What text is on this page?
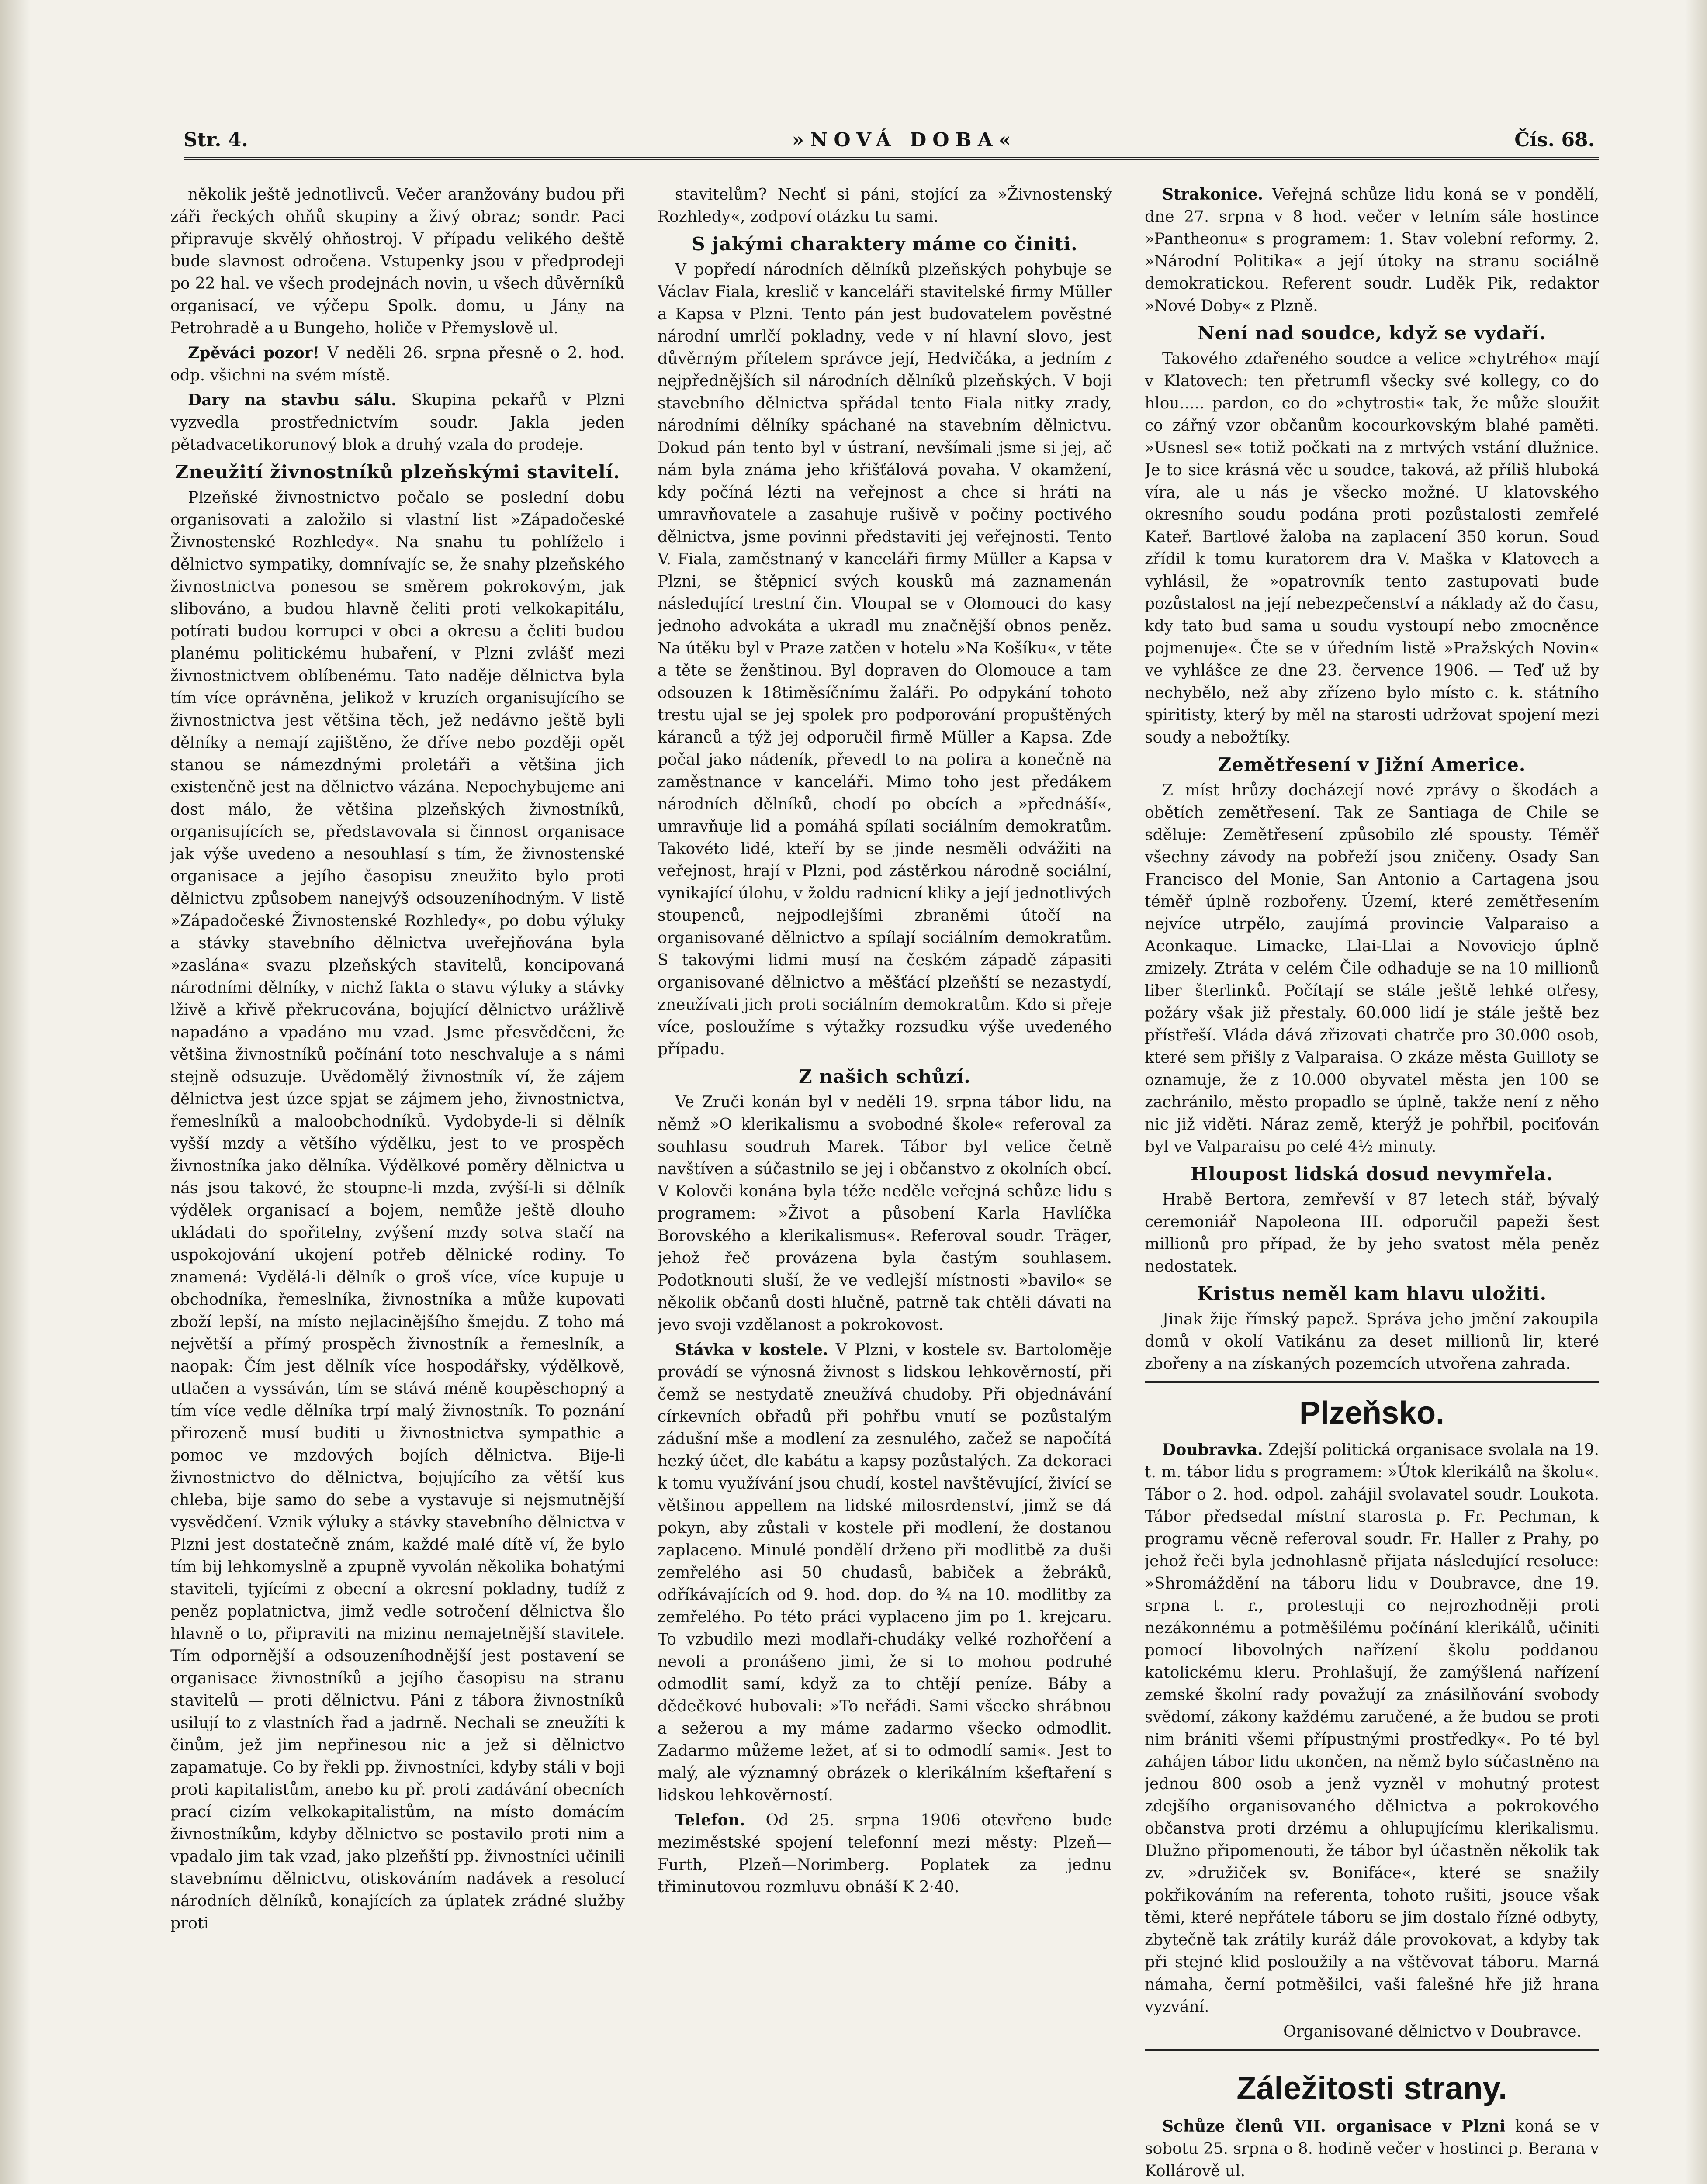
Str. 4.	»NOVÁ DOBA«	Čís. 68.

několik ještě jednotlivců. Večer aranžovány budou při záři řeckých ohňů skupiny a živý obraz; sondr. Paci připravuje skvělý ohňostroj. V případu velikého deště bude slavnost odročena. Vstupenky jsou v předprodeji po 22 hal. ve všech prodejnách novin, u všech důvěrníků organisací, ve výčepu Spolk. domu, u Jány na Petrohradě a u Bungeho, holiče v Přemyslově ul.

Zpěváci pozor! V neděli 26. srpna přesně o 2. hod. odp. všichni na svém místě.

Dary na stavbu sálu. Skupina pekařů v Plzni vyzvedla prostřednictvím soudr. Jakla jeden pětadvacetikorunový blok a druhý vzala do prodeje.

Zneužití živnostníků plzeňskými stavitelí.

Plzeňské živnostnictvo počalo se poslední dobu organisovati a založilo si vlastní list »Západočeské Živnostenské Rozhledy«. Na snahu tu pohlíželo i dělnictvo sympatiky, domnívajíc se, že snahy plzeňského živnostnictva ponesou se směrem pokrokovým, jak slibováno, a budou hlavně čeliti proti velkokapitálu, potírati budou korrupci v obci a okresu a čeliti budou planému politickému hubaření, v Plzni zvlášť mezi živnostnictvem oblíbenému. Tato naděje dělnictva byla tím více oprávněna, jelikož v kruzích organisujícího se živnostnictva jest většina těch, jež nedávno ještě byli dělníky a nemají zajištěno, že dříve nebo později opět stanou se námezdnými proletáři a většina jich existenčně jest na dělnictvo vázána. Nepochybujeme ani dost málo, že většina plzeňských živnostníků, organisujících se, představovala si činnost organisace jak výše uvedeno a nesouhlasí s tím, že živnostenské organisace a jejího časopisu zneužito bylo proti dělnictvu způsobem nanejvýš odsouzeníhodným. V listě »Západočeské Živnostenské Rozhledy«, po dobu výluky a stávky stavebního dělnictva uveřejňována byla »zaslána« svazu plzeňských stavitelů, koncipovaná národními dělníky, v nichž fakta o stavu výluky a stávky lživě a křivě překrucována, bojující dělnictvo urážlivě napadáno a vpadáno mu vzad. Jsme přesvědčeni, že většina živnostníků počínání toto neschvaluje a s námi stejně odsuzuje. Uvědomělý živnostník ví, že zájem dělnictva jest úzce spjat se zájmem jeho, živnostnictva, řemeslníků a maloobchodníků. Vydobyde-li si dělník vyšší mzdy a většího výdělku, jest to ve prospěch živnostníka jako dělníka. Výdělkové poměry dělnictva u nás jsou takové, že stoupne-li mzda, zvýší-li si dělník výdělek organisací a bojem, nemůže ještě dlouho ukládati do spořitelny, zvýšení mzdy sotva stačí na uspokojování ukojení potřeb dělnické rodiny. To znamená: Vydělá-li dělník o groš více, více kupuje u obchodníka, řemeslníka, živnostníka a může kupovati zboží lepší, na místo nejlacinějšího šmejdu. Z toho má největší a přímý prospěch živnostník a řemeslník, a naopak: Čím jest dělník více hospodářsky, výdělkově, utlačen a vyssáván, tím se stává méně koupěschopný a tím více vedle dělníka trpí malý živnostník. To poznání přirozeně musí buditi u živnostnictva sympathie a pomoc ve mzdových bojích dělnictva. Bije-li živnostnictvo do dělnictva, bojujícího za větší kus chleba, bije samo do sebe a vystavuje si nejsmutnější vysvědčení. Vznik výluky a stávky stavebního dělnictva v Plzni jest dostatečně znám, každé malé dítě ví, že bylo tím bij lehkomyslně a zpupně vyvolán několika bohatými staviteli, tyjícími z obecní a okresní pokladny, tudíž z peněz poplatnictva, jimž vedle sotročení dělnictva šlo hlavně o to, připraviti na mizinu nemajetnější stavitele. Tím odpornější a odsouzeníhodnější jest postavení se organisace živnostníků a jejího časopisu na stranu stavitelů — proti dělnictvu. Páni z tábora živnostníků usilují to z vlastních řad a jadrně. Nechali se zneužíti k činům, jež jim nepřinesou nic a jež si dělnictvo zapamatuje. Co by řekli pp. živnostníci, kdyby stáli v boji proti kapitalistům, anebo ku př. proti zadávání obecních prací cizím velkokapitalistům, na místo domácím živnostníkům, kdyby dělnictvo se postavilo proti nim a vpadalo jim tak vzad, jako plzeňští pp. živnostníci učinili stavebnímu dělnictvu, otiskováním nadávek a resolucí národních dělníků, konajících za úplatek zrádné služby proti

stavitelům? Nechť si páni, stojící za »Živnostenský Rozhledy«, zodpoví otázku tu sami.

S jakými charaktery máme co činiti.

V popředí národních dělníků plzeňských pohybuje se Václav Fiala, kreslič v kanceláři stavitelské firmy Müller a Kapsa v Plzni. Tento pán jest budovatelem pověstné národní umrlčí pokladny, vede v ní hlavní slovo, jest důvěrným přítelem správce její, Hedvičáka, a jedním z nejpřednějších sil národních dělníků plzeňských. V boji stavebního dělnictva spřádal tento Fiala nitky zrady, národními dělníky spáchané na stavebním dělnictvu. Dokud pán tento byl v ústraní, nevšímali jsme si jej, ač nám byla známa jeho křišťálová povaha. V okamžení, kdy počíná lézti na veřejnost a chce si hráti na umravňovatele a zasahuje rušivě v počiny poctivého dělnictva, jsme povinni představiti jej veřejnosti. Tento V. Fiala, zaměstnaný v kanceláři firmy Müller a Kapsa v Plzni, se štěpnicí svých kousků má zaznamenán následující trestní čin. Vloupal se v Olomouci do kasy jednoho advokáta a ukradl mu značnější obnos peněz. Na útěku byl v Praze zatčen v hotelu »Na Košíku«, v těte a těte se ženštinou. Byl dopraven do Olomouce a tam odsouzen k 18timěsíčnímu žaláři. Po odpykání tohoto trestu ujal se jej spolek pro podporování propuštěných káranců a týž jej odporučil firmě Müller a Kapsa. Zde počal jako nádeník, převedl to na polira a konečně na zaměstnance v kanceláři. Mimo toho jest předákem národních dělníků, chodí po obcích a »přednáší«, umravňuje lid a pomáhá spílati sociálním demokratům. Takovéto lidé, kteří by se jinde nesměli odvážiti na veřejnost, hrají v Plzni, pod zástěrkou národně sociální, vynikající úlohu, v žoldu radnicní kliky a její jednotlivých stoupenců, nejpodlejšími zbraněmi útočí na organisované dělnictvo a spílají sociálním demokratům. S takovými lidmi musí na českém západě zápasiti organisované dělnictvo a měšťácí plzeňští se nezastydí, zneužívati jich proti sociálním demokratům. Kdo si přeje více, posloužíme s výtažky rozsudku výše uvedeného případu.

Z našich schůzí.

Ve Zruči konán byl v neděli 19. srpna tábor lidu, na němž »O klerikalismu a svobodné škole« referoval za souhlasu soudruh Marek. Tábor byl velice četně navštíven a súčastnilo se jej i občanstvo z okolních obcí. V Kolovči konána byla téže neděle veřejná schůze lidu s programem: »Život a působení Karla Havlíčka Borovského a klerikalismus«. Referoval soudr. Träger, jehož řeč provázena byla častým souhlasem. Podotknouti sluší, že ve vedlejší místnosti »bavilo« se několik občanů dosti hlučně, patrně tak chtěli dávati na jevo svoji vzdělanost a pokrokovost.

Stávka v kostele. V Plzni, v kostele sv. Bartoloměje provádí se výnosná živnost s lidskou lehkověrností, při čemž se nestydatě zneužívá chudoby. Při objednávání církevních obřadů při pohřbu vnutí se pozůstalým zádušní mše a modlení za zesnulého, začež se napočítá hezký účet, dle kabátu a kapsy pozůstalých. Za dekoraci k tomu využívání jsou chudí, kostel navštěvující, živící se většinou appellem na lidské milosrdenství, jimž se dá pokyn, aby zůstali v kostele při modlení, že dostanou zaplaceno. Minulé pondělí drženo při modlitbě za duši zemřelého asi 50 chudasů, babiček a žebráků, odříkávajících od 9. hod. dop. do ¾ na 10. modlitby za zemřelého. Po této práci vyplaceno jim po 1. krejcaru. To vzbudilo mezi modlaři-chudáky velké rozhořčení a nevoli a pronášeno jimi, že si to mohou podruhé odmodlit samí, když za to chtějí peníze. Báby a dědečkové hubovali: »To neřádi. Sami všecko shrábnou a sežerou a my máme zadarmo všecko odmodlit. Zadarmo můžeme ležet, ať si to odmodlí sami«. Jest to malý, ale významný obrázek o klerikálním kšeftaření s lidskou lehkověrností.

Telefon. Od 25. srpna 1906 otevřeno bude meziměstské spojení telefonní mezi městy: Plzeň—Furth, Plzeň—Norimberg. Poplatek za jednu třiminutovou rozmluvu obnáší K 2·40.

Strakonice. Veřejná schůze lidu koná se v pondělí, dne 27. srpna v 8 hod. večer v letním sále hostince »Pantheonu« s programem: 1. Stav volební reformy. 2. »Národní Politika« a její útoky na stranu sociálně demokratickou. Referent soudr. Luděk Pik, redaktor »Nové Doby« z Plzně.

Není nad soudce, když se vydaří.

Takového zdařeného soudce a velice »chytrého« mají v Klatovech: ten přetrumfl všecky své kollegy, co do hlou..... pardon, co do »chytrosti« tak, že může sloužit co zářný vzor občanům kocourkovským blahé paměti. »Usnesl se« totiž počkati na z mrtvých vstání dlužnice. Je to sice krásná věc u soudce, taková, až příliš hluboká víra, ale u nás je všecko možné. U klatovského okresního soudu podána proti pozůstalosti zemřelé Kateř. Bartlové žaloba na zaplacení 350 korun. Soud zřídil k tomu kuratorem dra V. Maška v Klatovech a vyhlásil, že »opatrovník tento zastupovati bude pozůstalost na její nebezpečenství a náklady až do času, kdy tato bud sama u soudu vystoupí nebo zmocněnce pojmenuje«. Čte se v úředním listě »Pražských Novin« ve vyhlášce ze dne 23. července 1906. — Teď už by nechybělo, než aby zřízeno bylo místo c. k. státního spiritisty, který by měl na starosti udržovat spojení mezi soudy a nebožtíky.

Zemětřesení v Jižní Americe.

Z míst hrůzy docházejí nové zprávy o škodách a obětích zemětřesení. Tak ze Santiaga de Chile se sděluje: Zemětřesení způsobilo zlé spousty. Téměř všechny závody na pobřeží jsou zničeny. Osady San Francisco del Monie, San Antonio a Cartagena jsou téměř úplně rozbořeny. Území, které zemětřesením nejvíce utrpělo, zaujímá provincie Valparaiso a Aconkaque. Limacke, Llai-Llai a Novoviejo úplně zmizely. Ztráta v celém Čile odhaduje se na 10 millionů liber šterlinků. Počítají se stále ještě lehké otřesy, požáry však již přestaly. 60.000 lidí je stále ještě bez přístřeší. Vláda dává zřizovati chatrče pro 30.000 osob, které sem přišly z Valparaisa. O zkáze města Guilloty se oznamuje, že z 10.000 obyvatel města jen 100 se zachránilo, město propadlo se úplně, takže není z něho nic již viděti. Náraz země, kterýž je pohřbil, pociťován byl ve Valparaisu po celé 4½ minuty.

Hloupost lidská dosud nevymřela.

Hrabě Bertora, zemřevší v 87 letech stář, bývalý ceremoniář Napoleona III. odporučil papeži šest millionů pro případ, že by jeho svatost měla peněz nedostatek.

Kristus neměl kam hlavu uložiti.

Jinak žije římský papež. Správa jeho jmění zakoupila domů v okolí Vatikánu za deset millionů lir, které zbořeny a na získaných pozemcích utvořena zahrada.

Plzeňsko.

Doubravka. Zdejší politická organisace svolala na 19. t. m. tábor lidu s programem: »Útok klerikálů na školu«. Tábor o 2. hod. odpol. zahájil svolavatel soudr. Loukota. Tábor předsedal místní starosta p. Fr. Pechman, k programu věcně referoval soudr. Fr. Haller z Prahy, po jehož řeči byla jednohlasně přijata následující resoluce: »Shromáždění na táboru lidu v Doubravce, dne 19. srpna t. r., protestuji co nejrozhodněji proti nezákonnému a potměšilému počínání klerikálů, učiniti pomocí libovolných nařízení školu poddanou katolickému kleru. Prohlašují, že zamýšlená nařízení zemské školní rady považují za znásilňování svobody svědomí, zákony každému zaručené, a že budou se proti nim brániti všemi přípustnými prostředky«. Po té byl zahájen tábor lidu ukončen, na němž bylo súčastněno na jednou 800 osob a jenž vyzněl v mohutný protest zdejšího organisovaného dělnictva a pokrokového občanstva proti drzému a ohlupujícímu klerikalismu. Dlužno připomenouti, že tábor byl účastněn několik tak zv. »družiček sv. Bonifáce«, které se snažily pokřikováním na referenta, tohoto rušiti, jsouce však těmi, které nepřátele táboru se jim dostalo řízné odbyty, zbytečně tak zrátily kuráž dále provokovat, a kdyby tak při stejné klid posloužily a na vštěvovat táboru. Marná námaha, černí potměšilci, vaši falešné hře již hrana vyzvání.

Organisované dělnictvo v Doubravce.
Záležitosti strany.

Schůze členů VII. organisace v Plzni koná se v sobotu 25. srpna o 8. hodině večer v hostinci p. Berana v Kollárově ul.
